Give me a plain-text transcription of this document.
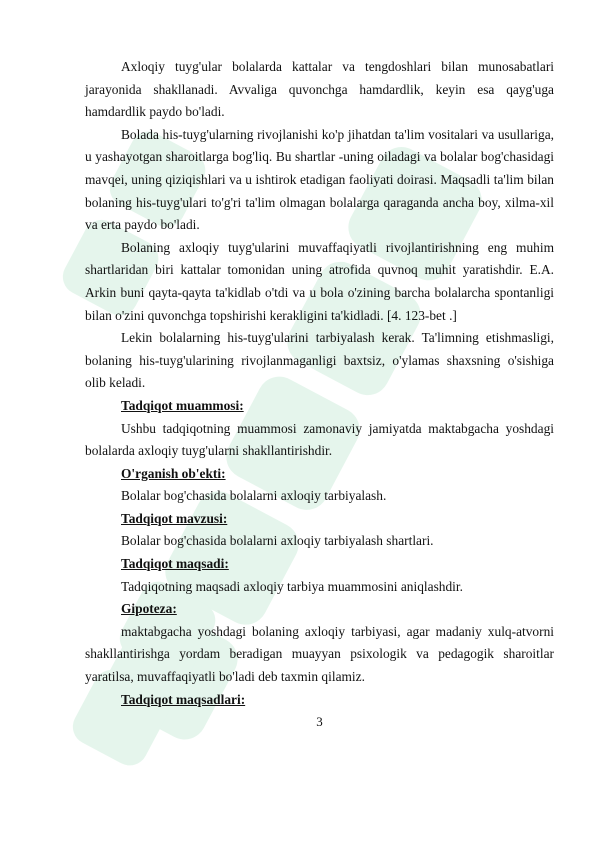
Axloqiy tuyg'ular bolalarda kattalar va tengdoshlari bilan munosabatlari jarayonida shakllanadi. Avvaliga quvonchga hamdardlik, keyin esa qayg'uga hamdardlik paydo bo'ladi.

Bolada his-tuyg'ularning rivojlanishi ko'p jihatdan ta'lim vositalari va usullariga, u yashayotgan sharoitlarga bog'liq. Bu shartlar -uning oiladagi va bolalar bog'chasidagi mavqei, uning qiziqishlari va u ishtirok etadigan faoliyati doirasi. Maqsadli ta'lim bilan bolaning his-tuyg'ulari to'g'ri ta'lim olmagan bolalarga qaraganda ancha boy, xilma-xil va erta paydo bo'ladi.

Bolaning axloqiy tuyg'ularini muvaffaqiyatli rivojlantirishning eng muhim shartlaridan biri kattalar tomonidan uning atrofida quvnoq muhit yaratishdir. E.A. Arkin buni qayta-qayta ta'kidlab o'tdi va u bola o'zining barcha bolalarcha spontanligi bilan o'zini quvonchga topshirishi kerakligini ta'kidladi. [4. 123-bet .]

Lekin bolalarning his-tuyg'ularini tarbiyalash kerak. Ta'limning etishmasligi, bolaning his-tuyg'ularining rivojlanmaganligi baxtsiz, o'ylamas shaxsning o'sishiga olib keladi.

Tadqiqot muammosi:

Ushbu tadqiqotning muammosi zamonaviy jamiyatda maktabgacha yoshdagi bolalarda axloqiy tuyg'ularni shakllantirishdir.

O'rganish ob'ekti:

Bolalar bog'chasida bolalarni axloqiy tarbiyalash.

Tadqiqot mavzusi:

Bolalar bog'chasida bolalarni axloqiy tarbiyalash shartlari.

Tadqiqot maqsadi:

Tadqiqotning maqsadi axloqiy tarbiya muammosini aniqlashdir.

Gipoteza:

maktabgacha yoshdagi bolaning axloqiy tarbiyasi, agar madaniy xulq-atvorni shakllantirishga yordam beradigan muayyan psixologik va pedagogik sharoitlar yaratilsa, muvaffaqiyatli bo'ladi deb taxmin qilamiz.

Tadqiqot maqsadlari:
3
